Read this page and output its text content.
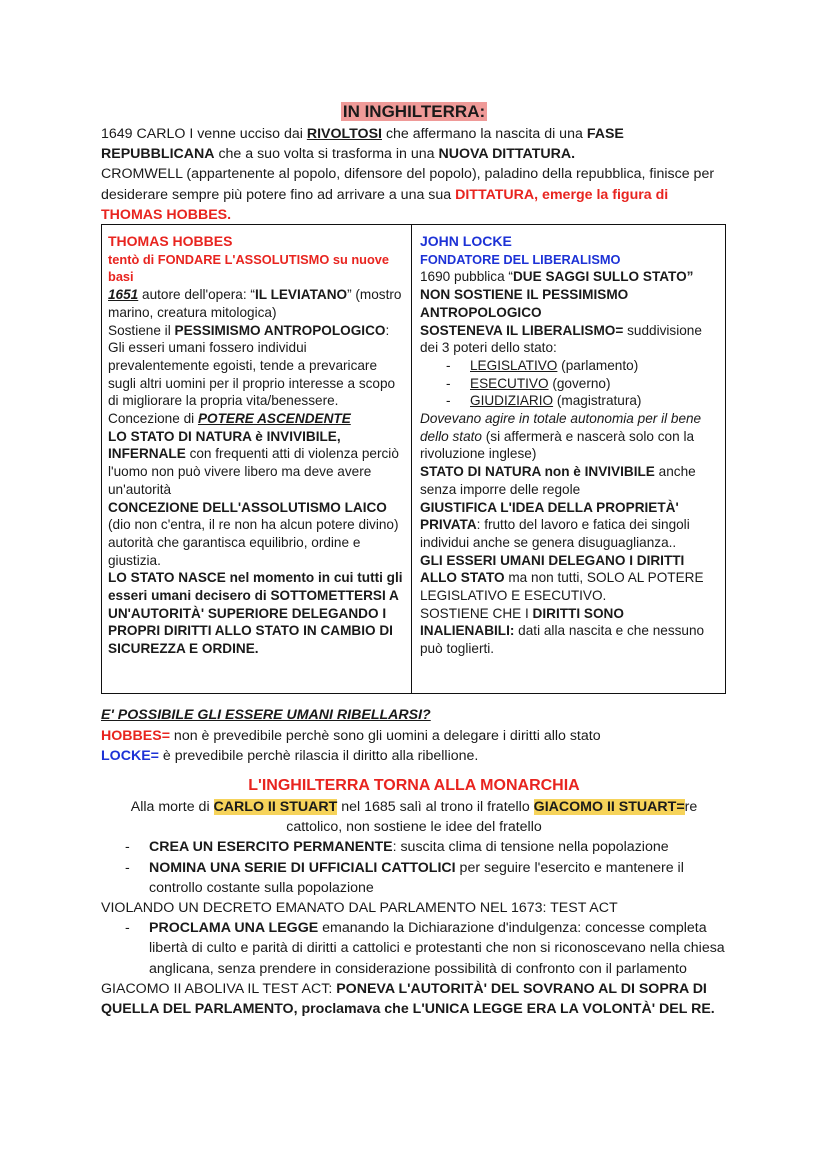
IN INGHILTERRA:

1649 CARLO I venne ucciso dai RIVOLTOSI che affermano la nascita di una FASE REPUBBLICANA che a suo volta si trasforma in una NUOVA DITTATURA.

CROMWELL (appartenente al popolo, difensore del popolo), paladino della repubblica, finisce per desiderare sempre più potere fino ad arrivare a una sua DITTATURA, emerge la figura di THOMAS HOBBES.

THOMAS HOBBES

tentò di FONDARE L'ASSOLUTISMO su nuove basi

1651 autore dell'opera: “IL LEVIATANO” (mostro marino, creatura mitologica)

Sostiene il PESSIMISMO ANTROPOLOGICO: Gli esseri umani fossero individui prevalentemente egoisti, tende a prevaricare sugli altri uomini per il proprio interesse a scopo di migliorare la propria vita/benessere.

Concezione di POTERE ASCENDENTE

LO STATO DI NATURA è INVIVIBILE, INFERNALE con frequenti atti di violenza perciò l'uomo non può vivere libero ma deve avere un'autorità

CONCEZIONE DELL'ASSOLUTISMO LAICO (dio non c'entra, il re non ha alcun potere divino) autorità che garantisca equilibrio, ordine e giustizia.

LO STATO NASCE nel momento in cui tutti gli esseri umani decisero di SOTTOMETTERSI A UN'AUTORITÀ' SUPERIORE DELEGANDO I PROPRI DIRITTI ALLO STATO IN CAMBIO DI SICUREZZA E ORDINE.

JOHN LOCKE

FONDATORE DEL LIBERALISMO

1690 pubblica “DUE SAGGI SULLO STATO”

NON SOSTIENE IL PESSIMISMO ANTROPOLOGICO

SOSTENEVA IL LIBERALISMO= suddivisione dei 3 poteri dello stato:

- LEGISLATIVO (parlamento)
- ESECUTIVO (governo)
- GIUDIZIARIO (magistratura)

Dovevano agire in totale autonomia per il bene dello stato (si affermerà e nascerà solo con la rivoluzione inglese)

STATO DI NATURA non è INVIVIBILE anche senza imporre delle regole

GIUSTIFICA L'IDEA DELLA PROPRIETÀ' PRIVATA: frutto del lavoro e fatica dei singoli individui anche se genera disuguaglianza..

GLI ESSERI UMANI DELEGANO I DIRITTI ALLO STATO ma non tutti, SOLO AL POTERE LEGISLATIVO E ESECUTIVO.

SOSTIENE CHE I DIRITTI SONO INALIENABILI: dati alla nascita e che nessuno può toglierti.

E' POSSIBILE GLI ESSERE UMANI RIBELLARSI?

HOBBES= non è prevedibile perchè sono gli uomini a delegare i diritti allo stato

LOCKE= è prevedibile perchè rilascia il diritto alla ribellione.

L'INGHILTERRA TORNA ALLA MONARCHIA

Alla morte di CARLO II STUART nel 1685 salì al trono il fratello GIACOMO II STUART=re cattolico, non sostiene le idee del fratello

- CREA UN ESERCITO PERMANENTE: suscita clima di tensione nella popolazione
- NOMINA UNA SERIE DI UFFICIALI CATTOLICI per seguire l'esercito e mantenere il controllo costante sulla popolazione

VIOLANDO UN DECRETO EMANATO DAL PARLAMENTO NEL 1673: TEST ACT

- PROCLAMA UNA LEGGE emanando la Dichiarazione d'indulgenza: concesse completa libertà di culto e parità di diritti a cattolici e protestanti che non si riconoscevano nella chiesa anglicana, senza prendere in considerazione possibilità di confronto con il parlamento

GIACOMO II ABOLIVA IL TEST ACT: PONEVA L'AUTORITÀ' DEL SOVRANO AL DI SOPRA DI QUELLA DEL PARLAMENTO, proclamava che L'UNICA LEGGE ERA LA VOLONTÀ' DEL RE.
